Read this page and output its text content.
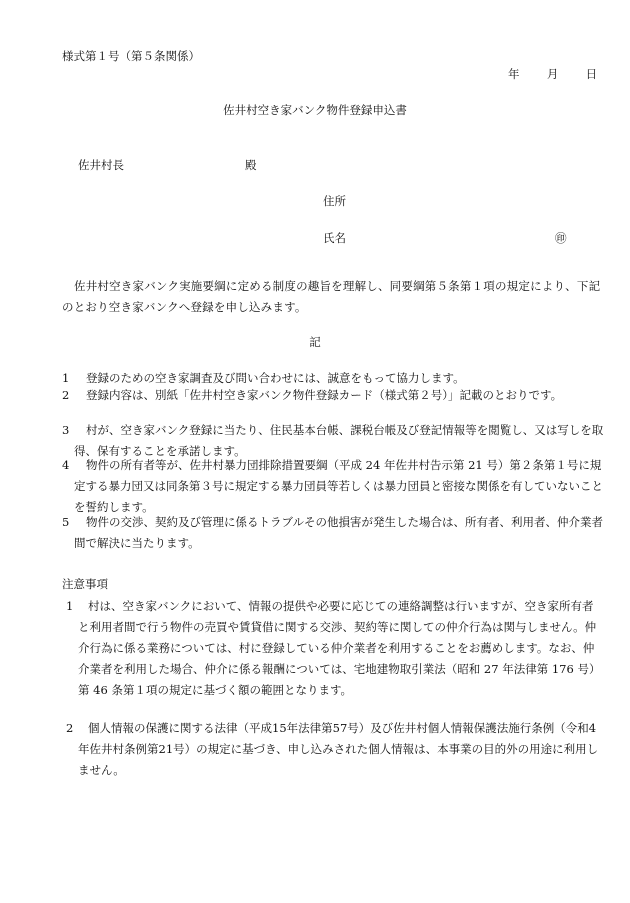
様式第１号（第５条関係）
年 月 日
佐井村空き家バンク物件登録申込書
佐井村長	殿
住所
氏名	㊞
佐井村空き家バンク実施要綱に定める制度の趣旨を理解し、同要綱第５条第１項の規定により、下記のとおり空き家バンクへ登録を申し込みます。
記
1	登録のための空き家調査及び問い合わせには、誠意をもって協力します。
2	登録内容は、別紙「佐井村空き家バンク物件登録カード（様式第２号）」記載のとおりです。
3	村が、空き家バンク登録に当たり、住民基本台帳、課税台帳及び登記情報等を閲覧し、又は写しを取得、保有することを承諾します。
4	物件の所有者等が、佐井村暴力団排除措置要綱（平成 24 年佐井村告示第 21 号）第２条第１号に規定する暴力団又は同条第３号に規定する暴力団員等若しくは暴力団員と密接な関係を有していないことを誓約します。
5	物件の交渉、契約及び管理に係るトラブルその他損害が発生した場合は、所有者、利用者、仲介業者間で解決に当たります。
注意事項
1	村は、空き家バンクにおいて、情報の提供や必要に応じての連絡調整は行いますが、空き家所有者と利用者間で行う物件の売買や賃貸借に関する交渉、契約等に関しての仲介行為は関与しません。仲介行為に係る業務については、村に登録している仲介業者を利用することをお薦めします。なお、仲介業者を利用した場合、仲介に係る報酬については、宅地建物取引業法（昭和 27 年法律第 176 号）第 46 条第１項の規定に基づく額の範囲となります。
2	個人情報の保護に関する法律（平成15年法律第57号）及び佐井村個人情報保護法施行条例（令和4年佐井村条例第21号）の規定に基づき、申し込みされた個人情報は、本事業の目的外の用途に利用しません。
